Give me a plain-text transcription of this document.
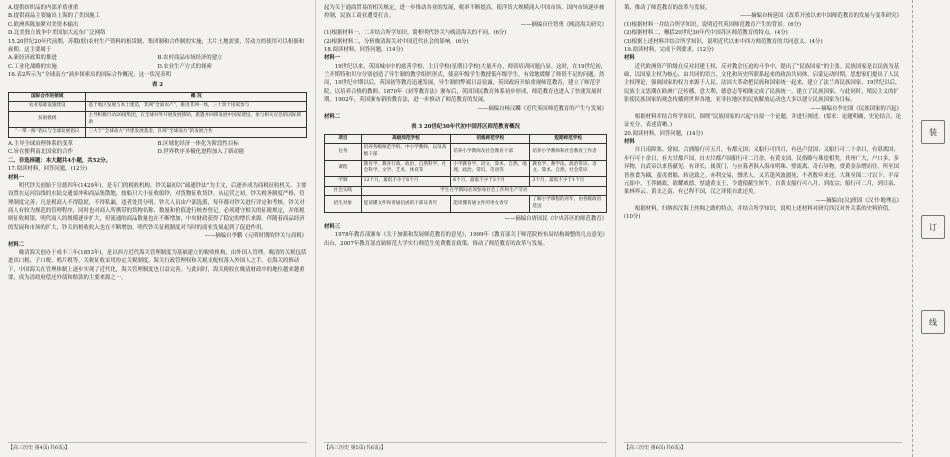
A.提供纺织品的内部矛盾重重

B.提供商品主要输出上海的了美国施工

C.欧洲西陈加紧对美资本输出

D.北美独立战争中美国加大远东广泛网络

15.20世纪20年代前期，苏俄(联)农村生产资料的租赁制、集团制和合作制的实施，大片土地需要，劳动力的使用可以租佃和雇佣。这主要属于

A.新经济政策的推进	B.农村商品市场经济的建立
C.工业化战略的实施	D.农业生产方式的探索

16.表2所示为“全球南方”涌步探索出的国际合作概况，这一状况表明

表 2

国际合作的领域	概 况
农业基础设施建设	基于地区发展与本土建造，非洲“全面农产”，推进非洲一体，三十余个国家参与
贫困救援	主导积极行动20国集团，在全球对外开展发展援助，派遣并回援发展中国家建设，参与相关应急的国际援助
“一带一路”倡议与全球发展倡议	三大于“全球南方”共建发展基金、区域“全球南方”的发展合作
A.主导全球治理体系的变革	B.区域化经济一体化为阶段性目标
C.旨在便利南北国家的合作	D.世界秩序多极化进程加入了新动能

二、非选择题：本大题共4小题，共52分。

17.阅读材料，回答问题。(12分)

材料一

明代钞关创始于宣德四年(1429年)，是专门的税收机构。钞关最初以“疏通钞法”为主文，后逐步成为商税征收机关。主要设置在运河沿线的水陆交通要冲和商品集散地，按船只大小征收船钞，对货物征收货钞。从运营之初，钞关税务制度严格，管理制度完善；凡是税商人不得隐匿，不得私漏，违者处罚分明。钞关人员由户部选派，每年都对钞关进行评定和考核。钞关对商人有较为规范的管理程序，同时也对商人所携带的货物名称、数量和价值进行核查登记，必须遵守相关的征税规定，并依税则征收税银。明代商人的规模逐步扩大，但流通的商品数量也在不断增加，中央财政获得了稳定的增长来源。伴随着商品经济的发展和市场的扩大，钞关的税收收入也在不断增加，明代钞关征税制度对当时的商业发展起到了促进作用。

——摘编自李鹏《元明时期的钞关与商税》

材料二

晚清海关创办于成丰三年(1853年)，是以西方近代海关管理制度为基础建立的税收机构，由外国人管理。晚清的关税包括进出口税、子口税、鸦片税等，关税征收采用协定关税制度，海关行政管理权和关税支配权落入外国人之手。在海关的推动下，中国海关在管理体制上逐步实现了近代化，海关管理制度也日益完善。与此同时，海关税收在晚清财政中的地位越来越重要，成为清政府偿还外债和赔款的主要来源之一。

【高三历史 第4页(共6页)】

起为关于通商贸易的相关规定，进一步推动各业的发展，税率不断提高，使洋货大规模涌入中国市场，国内市场逐步被控制，民族工商业遭受打击。

——摘编自任智勇《晚清海关研究》

(1)根据材料一、二并结合所学知识，简析明代钞关与晚清海关的不同。(6分)

(2)根据材料二，分析晚清海关对中国近代社会的影响。(6分)

18.阅读材料，回答问题。(14分)

材料一

19世纪以来，英国城市中的慈善学校、主日学校(星期日学校)大量开办，师资培训问题凸显。这时，在19世纪初，兰开斯特和贝尔分别创造了导生制的教学组织形式，使高年级学生教授低年级学生，有效地缓解了师资不足的问题。然而，19世纪中期以后，英国初等教育迅速发展，导生制的弊端日益显露，英国政府开始重视师范教育，建立了师范学院，以培养合格的教师。1870年《初等教育法》颁布后，英国国民教育体系初步形成，师范教育也进入了快速发展时期。1902年，英国颁布新的教育法，进一步推动了师范教育的发展。

——摘编自杨汉麟《近代英国师范教育的产生与发展》

材料二

表 3 20世纪30年代初中国苏区师范教育概况

项目	高级师范学校	初级师范学校	短期师范学校
任务	培养各级师范学校、中小学教师，以及高级干部	培养小学教师及社会教育干部	培养小学教师和社会教育工作者
课程	教育学、教育行政、政治、自然科学、社会科学、文学、艺术、体育等	小学教育学、语文、算术、自然、地理、政治、常识、劳动等	教育学、教学法、政治常识、语文、算术、自然、社会常识
学制	12个月，最低不少于6个月	6个月，最低不少于3个月	3个月，最低不少于1个月
社会实践	学生在学期间必须参加社会工作和生产劳动		
招生对象	能读懂文件和普通信函的干部及青年	能读懂普通文件的男女青年	了解小学课程的青年，由各级政府选送

——摘编自唐国民《中央苏区的师范教育》

材料三

1978年教育部颁布《关于加强和发展师范教育的意见》，1999年《教育部关于师范院校布局结构调整的几点意见》出台，2007年教育部直属师范大学实行师范生免费教育政策，推动了师范教育的改革与发展。

【高三历史 第5页(共6页)】

策，推动了师范教育的改革与发展。

——摘编自杨延国《改革开放以来中国师范教育的发展与变革研究》

(1)根据材料一并结合所学知识，说明近代英国师范教育产生的背景。(6分)

(2)根据材料二，概括20世纪30年代中国苏区师范教育的特点。(4分)

(3)根据上述材料并结合所学知识，说明近代以来中西方师范教育的共同意义。(4分)

19.阅读材料，完成下列要求。(12分)

材料

近代欧洲资产阶级在反对封建王权、反对教会压迫的斗争中，提出了“民族国家”的主张。民族国家是以民族为基础，以国家主权为核心，由共同的语言、文化和历史所联系起来的政治共同体。启蒙运动时期，思想家们提出了人民主权理论，强调国家的权力来源于人民。法国大革命把民族和国家统一起来，建立了法兰西民族国家。19世纪以后，民族主义思潮在欧洲广泛传播，意大利、德意志等相继完成了民族统一，建立了民族国家。与此同时，殖民主义的扩张使民族国家的观念传播到世界各地。亚非拉地区的民族解放运动也大多以建立民族国家为目标。

——摘编自李宏图《民族国家的兴起》

根据材料并结合所学知识，围绕“民族国家的兴起”自拟一个论题，并进行阐述。(要求：论题明确，史论结合，论证充分，表述清晰。)

20.阅读材料，回答问题。(14分)

材料

自日南障塞、徐闻、合浦船行可五月，有都元国；又船行可四月，有邑卢没国；又船行可二十余日，有谌离国；步行可十余日，有夫甘都卢国。自夫甘都卢国船行可二月余，有黄支国，民俗略与珠崖相类。其州广大，户口多，多异物，自武帝以来皆献见。有译长，属黄门，与应募者俱入海市明珠、璧流离、奇石异物，赍黄金杂缯而往。所至国皆禀食为耦，蛮夷贾船，转送致之。亦利交易，剽杀人。又苦逢风波溺死，不者数年来还。大珠至围二寸以下。平帝元始中，王莽辅政，欲耀威德，厚遗黄支王，令遣使献生犀牛。自黄支船行可八月，到皮宗；船行可二月，到日南、象林界云。黄支之南，有已程不国，汉之译使自此还矣。

——摘编自[汉]班固《汉书·地理志》

根据材料，归纳西汉海上丝绸之路的特点，并结合所学知识，说明上述材料对研究西汉对外关系的史料价值。(10分)

【高三历史 第6页(共6页)】
装
订
线
